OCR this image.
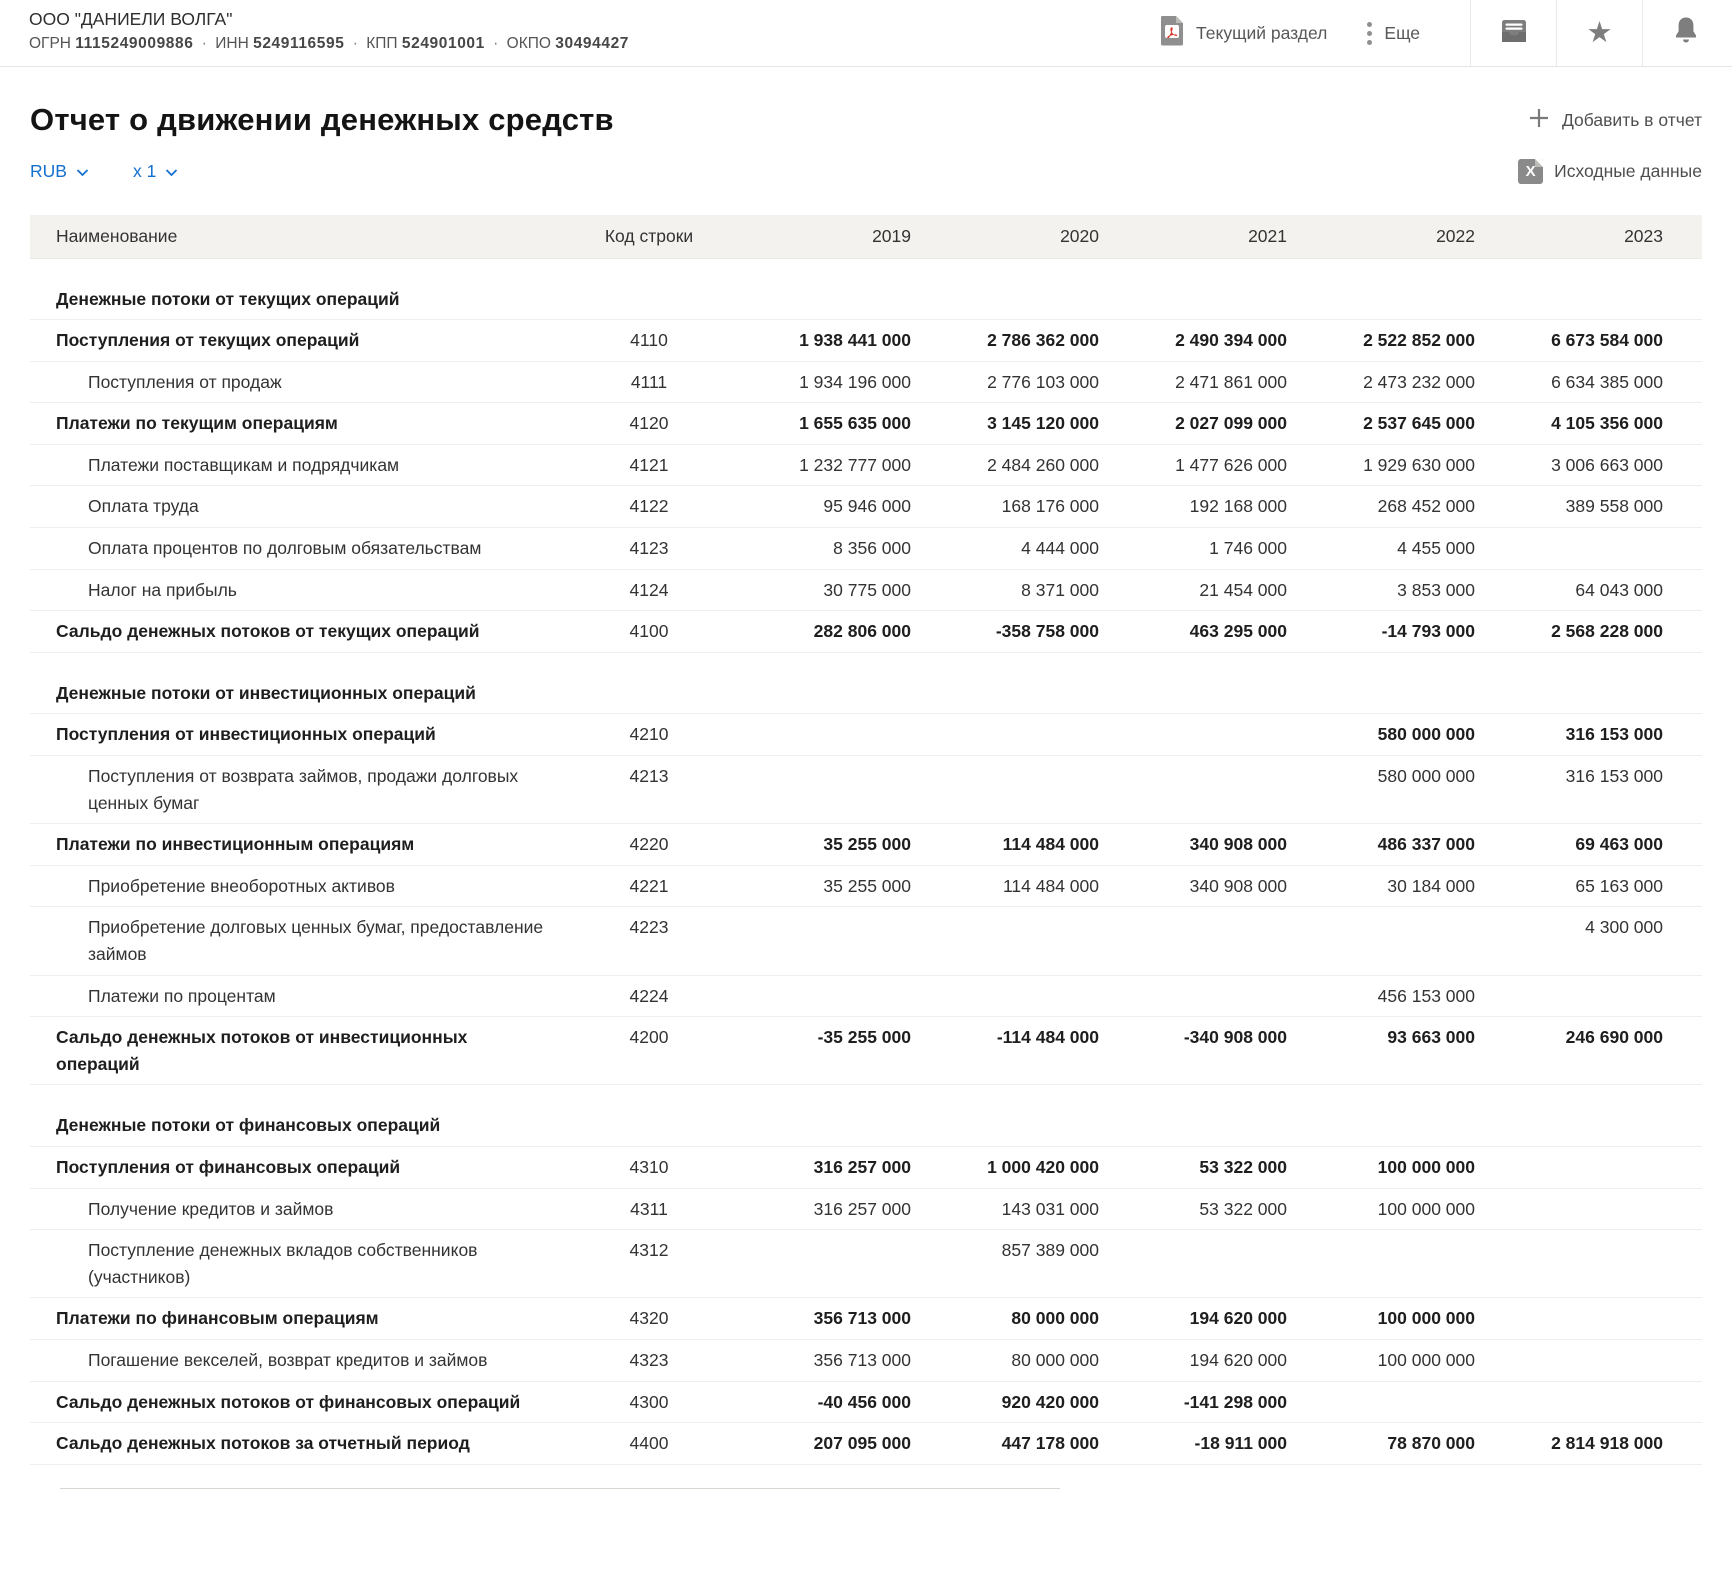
ООО "ДАНИЕЛИ ВОЛГА"
ОГРН 1115249009886 · ИНН 5249116595 · КПП 524901001 · ОКПО 30494427
Текущий раздел	Еще	★
Отчет о движении денежных средств	Добавить в отчет
RUB	x 1	X Исходные данные
Наименование	Код строки	2019	2020	2021	2022	2023	

Денежные потоки от текущих операций							

Поступления от текущих операций	4110	1 938 441 000	2 786 362 000	2 490 394 000	2 522 852 000	6 673 584 000	

Поступления от продаж	4111	1 934 196 000	2 776 103 000	2 471 861 000	2 473 232 000	6 634 385 000	

Платежи по текущим операциям	4120	1 655 635 000	3 145 120 000	2 027 099 000	2 537 645 000	4 105 356 000	

Платежи поставщикам и подрядчикам	4121	1 232 777 000	2 484 260 000	1 477 626 000	1 929 630 000	3 006 663 000	

Оплата труда	4122	95 946 000	168 176 000	192 168 000	268 452 000	389 558 000	

Оплата процентов по долговым обязательствам	4123	8 356 000	4 444 000	1 746 000	4 455 000		

Налог на прибыль	4124	30 775 000	8 371 000	21 454 000	3 853 000	64 043 000	

Сальдо денежных потоков от текущих операций	4100	282 806 000	-358 758 000	463 295 000	-14 793 000	2 568 228 000	

Денежные потоки от инвестиционных операций							

Поступления от инвестиционных операций	4210				580 000 000	316 153 000	

Поступления от возврата займов, продажи долговых ценных бумаг	4213				580 000 000	316 153 000	

Платежи по инвестиционным операциям	4220	35 255 000	114 484 000	340 908 000	486 337 000	69 463 000	

Приобретение внеоборотных активов	4221	35 255 000	114 484 000	340 908 000	30 184 000	65 163 000	

Приобретение долговых ценных бумаг, предоставление займов	4223					4 300 000	

Платежи по процентам	4224				456 153 000		

Сальдо денежных потоков от инвестиционных операций	4200	-35 255 000	-114 484 000	-340 908 000	93 663 000	246 690 000	

Денежные потоки от финансовых операций							

Поступления от финансовых операций	4310	316 257 000	1 000 420 000	53 322 000	100 000 000		

Получение кредитов и займов	4311	316 257 000	143 031 000	53 322 000	100 000 000		

Поступление денежных вкладов собственников (участников)	4312		857 389 000				

Платежи по финансовым операциям	4320	356 713 000	80 000 000	194 620 000	100 000 000		

Погашение векселей, возврат кредитов и займов	4323	356 713 000	80 000 000	194 620 000	100 000 000		

Сальдо денежных потоков от финансовых операций	4300	-40 456 000	920 420 000	-141 298 000			

Сальдо денежных потоков за отчетный период	4400	207 095 000	447 178 000	-18 911 000	78 870 000	2 814 918 000	
